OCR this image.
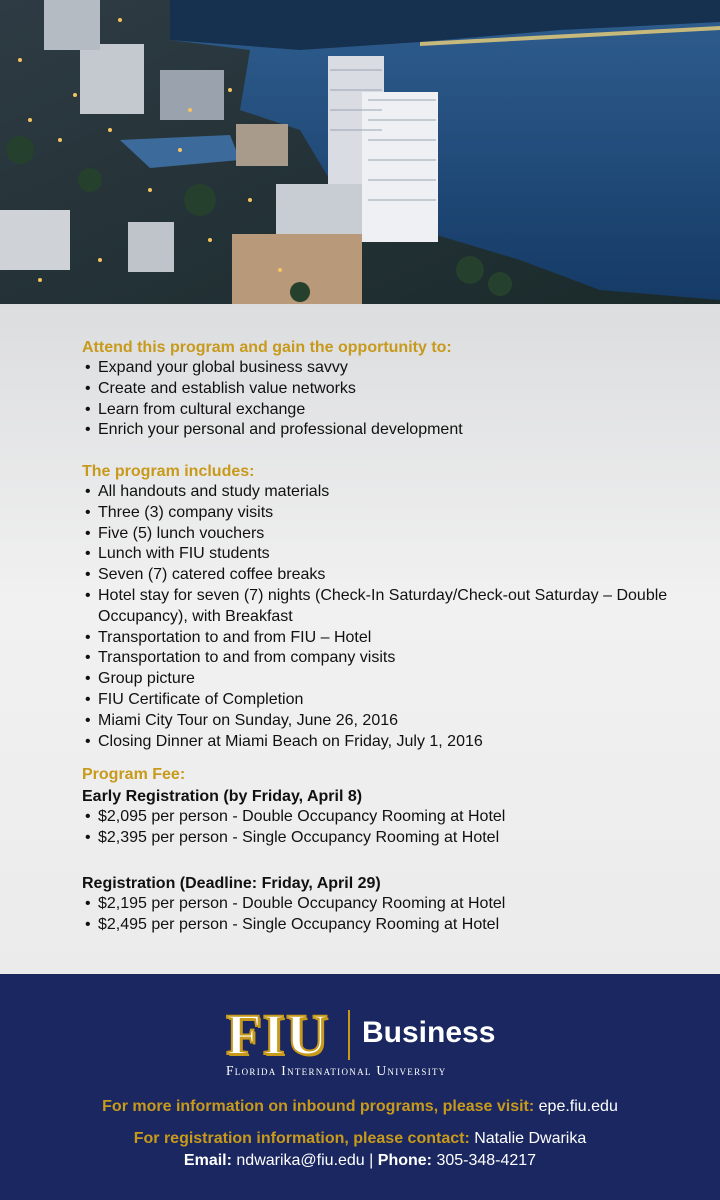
Attend this program and gain the opportunity to:
• Expand your global business savvy
• Create and establish value networks
• Learn from cultural exchange
• Enrich your personal and professional development
The program includes:
• All handouts and study materials
• Three (3) company visits
• Five (5) lunch vouchers
• Lunch with FIU students
• Seven (7) catered coffee breaks
• Hotel stay for seven (7) nights (Check-In Saturday/Check-out Saturday – Double Occupancy), with Breakfast
• Transportation to and from FIU – Hotel
• Transportation to and from company visits
• Group picture
• FIU Certificate of Completion
• Miami City Tour on Sunday, June 26, 2016
• Closing Dinner at Miami Beach on Friday, July 1, 2016
Program Fee:
Early Registration (by Friday, April 8)
• $2,095 per person - Double Occupancy Rooming at Hotel
• $2,395 per person - Single Occupancy Rooming at Hotel
Registration (Deadline: Friday, April 29)
• $2,195 per person - Double Occupancy Rooming at Hotel
• $2,495 per person - Single Occupancy Rooming at Hotel
FIU Business
Florida International University
For more information on inbound programs, please visit: epe.fiu.edu
For registration information, please contact: Natalie Dwarika
Email: ndwarika@fiu.edu | Phone: 305-348-4217
